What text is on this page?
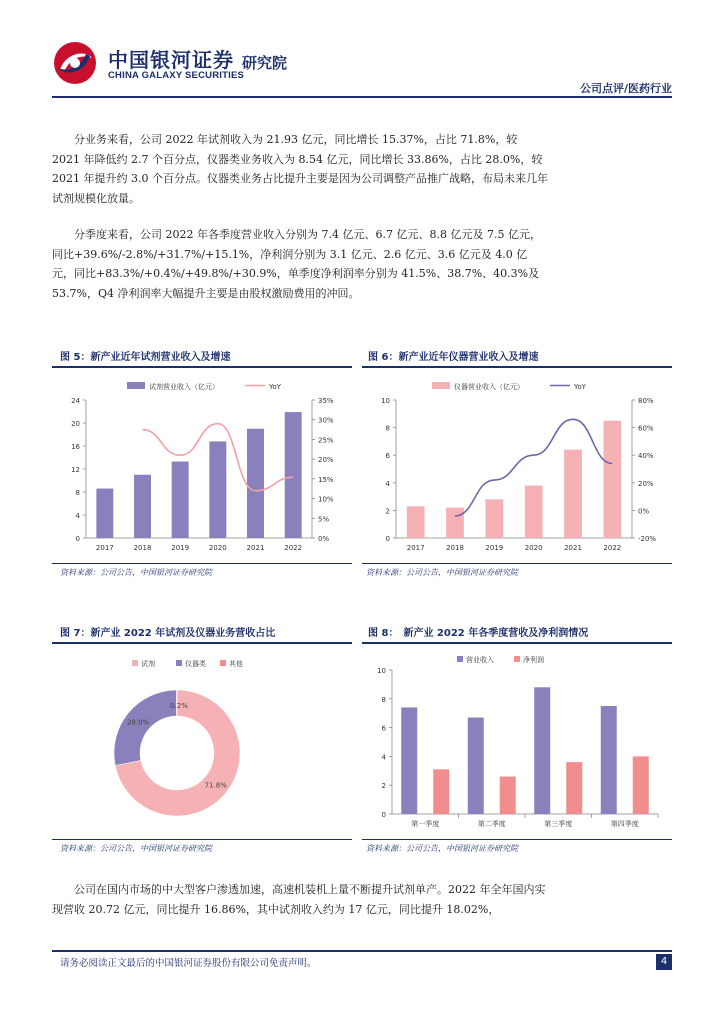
中国银河证券
CHINA GALAXY SECURITIES
研究院
公司点评/医药行业

分业务来看，公司 2022 年试剂收入为 21.93 亿元，同比增长 15.37%，占比 71.8%，较 2021 年降低约 2.7 个百分点，仪器类业务收入为 8.54 亿元，同比增长 33.86%，占比 28.0%，较 2021 年提升约 3.0 个百分点。仪器类业务占比提升主要是因为公司调整产品推广战略，布局未来几年试剂规模化放量。

分季度来看，公司 2022 年各季度营业收入分别为 7.4 亿元、6.7 亿元、8.8 亿元及 7.5 亿元，同比+39.6%/-2.8%/+31.7%/+15.1%，净利润分别为 3.1 亿元、2.6 亿元、3.6 亿元及 4.0 亿元，同比+83.3%/+0.4%/+49.8%/+30.9%，单季度净利润率分别为 41.5%、38.7%、40.3%及 53.7%，Q4 净利润率大幅提升主要是由股权激励费用的冲回。

图 5：新产业近年试剂营业收入及增速
0
4
8
12
16
20
24
0%
5%
10%
15%
20%
25%
30%
35%
2017	2018	2019	2020	2021	2022
试剂营业收入（亿元）	YoY
资料来源：公司公告，中国银河证券研究院
图 6：新产业近年仪器营业收入及增速
0
2
4
6
8
10
-20%
0%
20%
40%
60%
80%
2017	2018	2019	2020	2021	2022
仪器营业收入（亿元）	YoY
资料来源：公司公告，中国银河证券研究院
图 7：新产业 2022 年试剂及仪器业务营收占比
71.8%
28.0%
0.2%
试剂	仪器类	其他
资料来源：公司公告，中国银河证券研究院
图 8：　新产业 2022 年各季度营收及净利润情况
0
2
4
6
8
10
第一季度	第二季度	第三季度	第四季度
营业收入	净利润
资料来源：公司公告，中国银河证券研究院

公司在国内市场的中大型客户渗透加速，高速机装机上量不断提升试剂单产。2022 年全年国内实现营收 20.72 亿元，同比提升 16.86%，其中试剂收入约为 17 亿元，同比提升 18.02%，

请务必阅读正文最后的中国银河证券股份有限公司免责声明。	4
